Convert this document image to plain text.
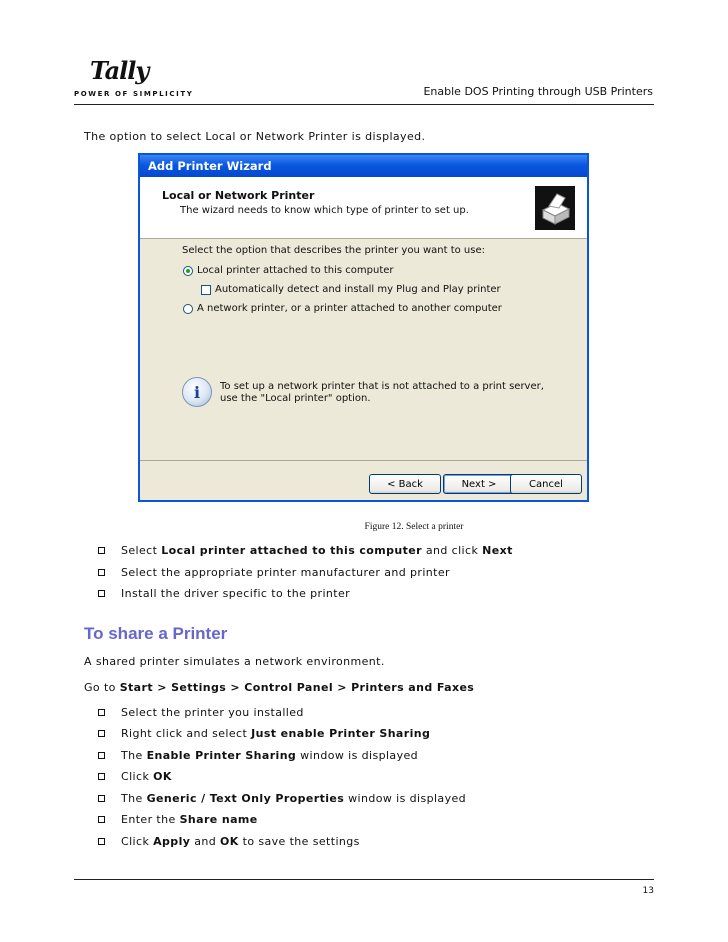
Tally
POWER OF SIMPLICITY	Enable DOS Printing through USB Printers
The option to select Local or Network Printer is displayed.
Add Printer Wizard
Local or Network Printer
The wizard needs to know which type of printer to set up.
Select the option that describes the printer you want to use:
Local printer attached to this computer
Automatically detect and install my Plug and Play printer
A network printer, or a printer attached to another computer
i	To set up a network printer that is not attached to a print server,
use the "Local printer" option.
< Back	Next >	Cancel
Figure 12. Select a printer
Select Local printer attached to this computer and click Next
Select the appropriate printer manufacturer and printer
Install the driver specific to the printer
To share a Printer
A shared printer simulates a network environment.
Go to Start > Settings > Control Panel > Printers and Faxes
Select the printer you installed
Right click and select Just enable Printer Sharing
The Enable Printer Sharing window is displayed
Click OK
The Generic / Text Only Properties window is displayed
Enter the Share name
Click Apply and OK to save the settings
13
